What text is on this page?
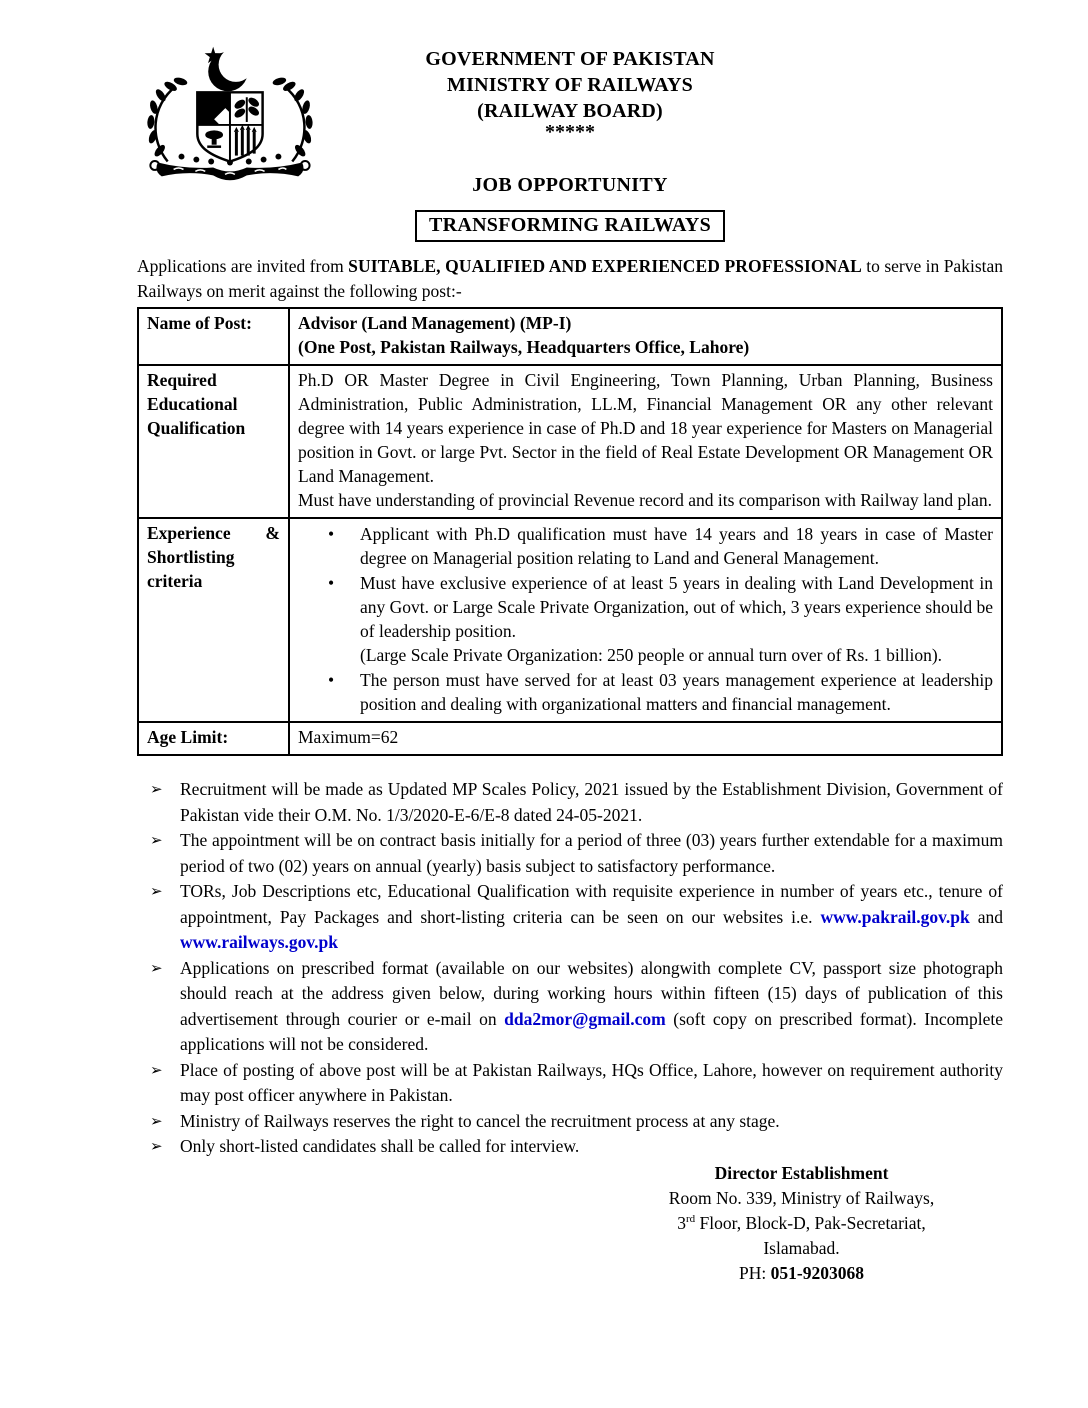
GOVERNMENT OF PAKISTAN
MINISTRY OF RAILWAYS
(RAILWAY BOARD)
*****
JOB OPPORTUNITY
TRANSFORMING RAILWAYS

Applications are invited from SUITABLE, QUALIFIED AND EXPERIENCED PROFESSIONAL to serve in Pakistan Railways on merit against the following post:-

Name of Post:	Advisor (Land Management) (MP-I)
(One Post, Pakistan Railways, Headquarters Office, Lahore)

Required Educational Qualification	Ph.D OR Master Degree in Civil Engineering, Town Planning, Urban Planning, Business Administration, Public Administration, LL.M, Financial Management OR any other relevant degree with 14 years experience in case of Ph.D and 18 year experience for Masters on Managerial position in Govt. or large Pvt. Sector in the field of Real Estate Development OR Management OR Land Management.
Must have understanding of provincial Revenue record and its comparison with Railway land plan.

Experience & Shortlisting criteria	
• Applicant with Ph.D qualification must have 14 years and 18 years in case of Master degree on Managerial position relating to Land and General Management.
• Must have exclusive experience of at least 5 years in dealing with Land Development in any Govt. or Large Scale Private Organization, out of which, 3 years experience should be of leadership position.
(Large Scale Private Organization: 250 people or annual turn over of Rs. 1 billion).
• The person must have served for at least 03 years management experience at leadership position and dealing with organizational matters and financial management.

Age Limit:	Maximum=62
➢ Recruitment will be made as Updated MP Scales Policy, 2021 issued by the Establishment Division, Government of Pakistan vide their O.M. No. 1/3/2020-E-6/E-8 dated 24-05-2021.
➢ The appointment will be on contract basis initially for a period of three (03) years further extendable for a maximum period of two (02) years on annual (yearly) basis subject to satisfactory performance.
➢ TORs, Job Descriptions etc, Educational Qualification with requisite experience in number of years etc., tenure of appointment, Pay Packages and short-listing criteria can be seen on our websites i.e. www.pakrail.gov.pk and www.railways.gov.pk
➢ Applications on prescribed format (available on our websites) alongwith complete CV, passport size photograph should reach at the address given below, during working hours within fifteen (15) days of publication of this advertisement through courier or e-mail on dda2mor@gmail.com (soft copy on prescribed format). Incomplete applications will not be considered.
➢ Place of posting of above post will be at Pakistan Railways, HQs Office, Lahore, however on requirement authority may post officer anywhere in Pakistan.
➢ Ministry of Railways reserves the right to cancel the recruitment process at any stage.
➢ Only short-listed candidates shall be called for interview.
Director Establishment
Room No. 339, Ministry of Railways,
3rd Floor, Block-D, Pak-Secretariat,
Islamabad.
PH: 051-9203068
